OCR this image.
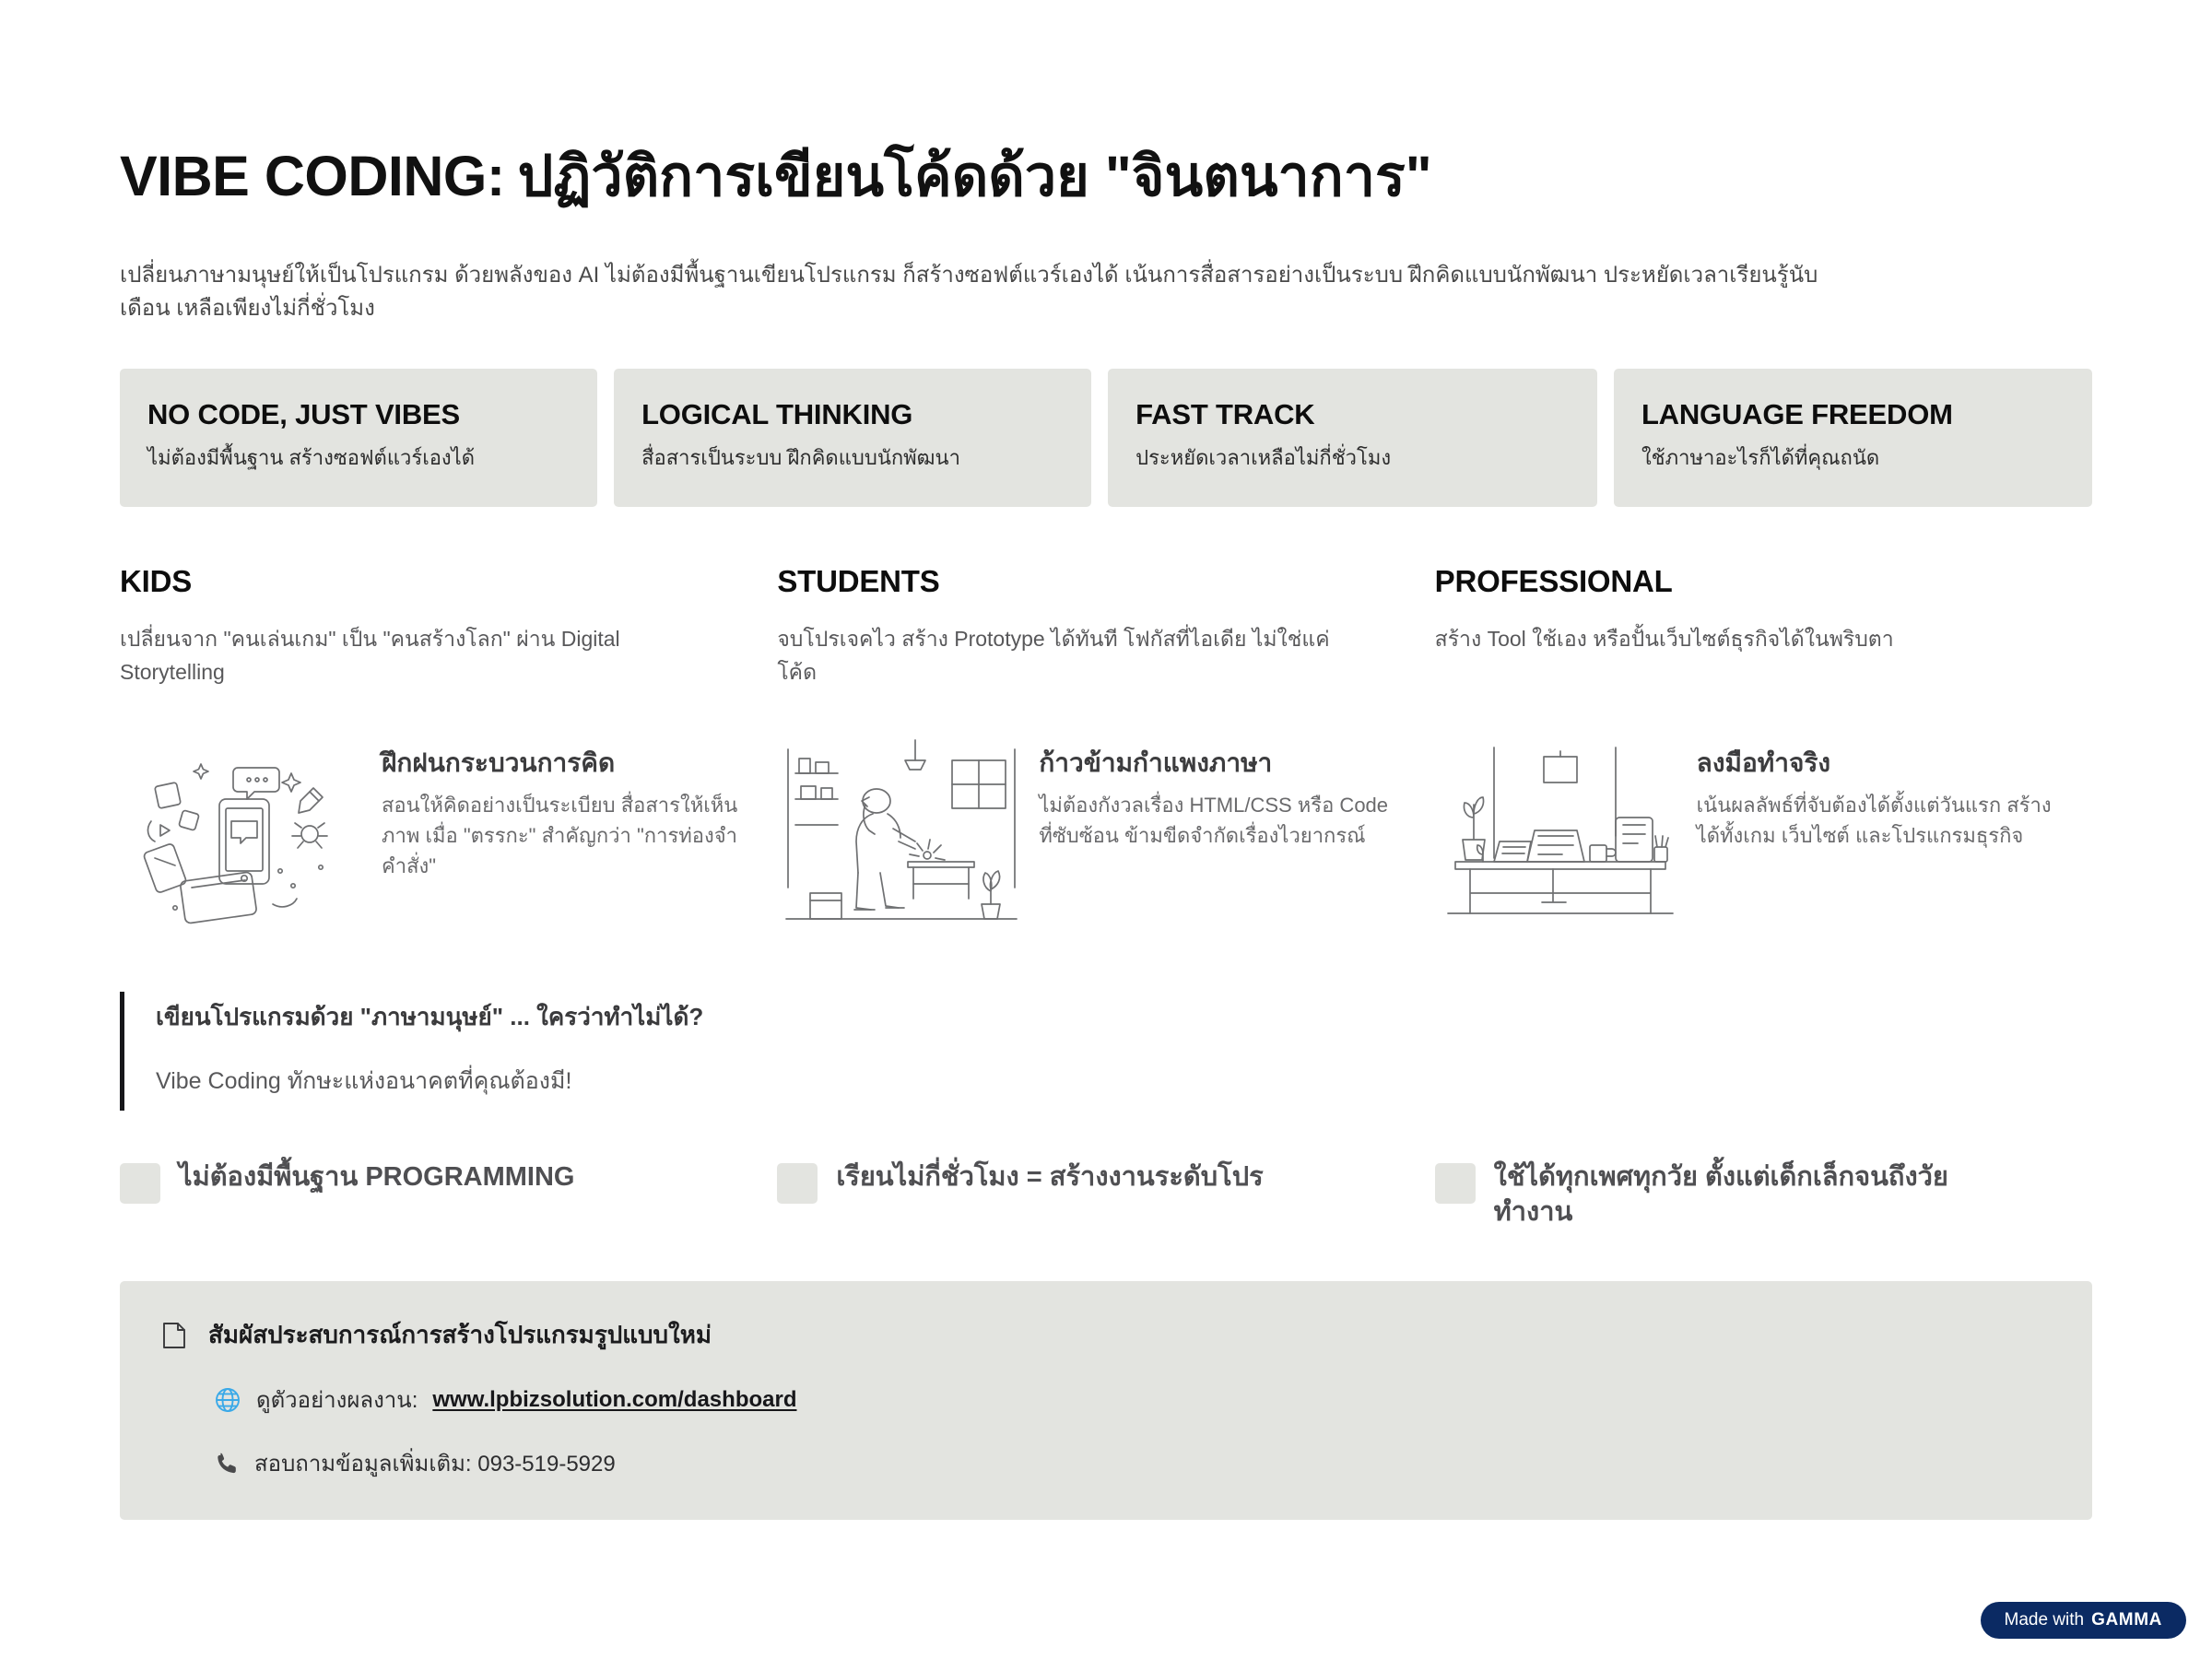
VIBE CODING: ปฏิวัติการเขียนโค้ดด้วย "จินตนาการ"
เปลี่ยนภาษามนุษย์ให้เป็นโปรแกรม ด้วยพลังของ AI ไม่ต้องมีพื้นฐานเขียนโปรแกรม ก็สร้างซอฟต์แวร์เองได้ เน้นการสื่อสารอย่างเป็นระบบ ฝึกคิดแบบนักพัฒนา ประหยัดเวลาเรียนรู้นับเดือน เหลือเพียงไม่กี่ชั่วโมง
NO CODE, JUST VIBES
ไม่ต้องมีพื้นฐาน สร้างซอฟต์แวร์เองได้
LOGICAL THINKING
สื่อสารเป็นระบบ ฝึกคิดแบบนักพัฒนา
FAST TRACK
ประหยัดเวลาเหลือไม่กี่ชั่วโมง
LANGUAGE FREEDOM
ใช้ภาษาอะไรก็ได้ที่คุณถนัด
KIDS
เปลี่ยนจาก "คนเล่นเกม" เป็น "คนสร้างโลก" ผ่าน Digital Storytelling
STUDENTS
จบโปรเจคไว สร้าง Prototype ได้ทันที โฟกัสที่ไอเดีย ไม่ใช่แค่โค้ด
PROFESSIONAL
สร้าง Tool ใช้เอง หรือปั้นเว็บไซต์ธุรกิจได้ในพริบตา
ฝึกฝนกระบวนการคิด
สอนให้คิดอย่างเป็นระเบียบ สื่อสารให้เห็นภาพ เมื่อ "ตรรกะ" สำคัญกว่า "การท่องจำคำสั่ง"
ก้าวข้ามกำแพงภาษา
ไม่ต้องกังวลเรื่อง HTML/CSS หรือ Code ที่ซับซ้อน ข้ามขีดจำกัดเรื่องไวยากรณ์
ลงมือทำจริง
เน้นผลลัพธ์ที่จับต้องได้ตั้งแต่วันแรก สร้างได้ทั้งเกม เว็บไซต์ และโปรแกรมธุรกิจ
เขียนโปรแกรมด้วย "ภาษามนุษย์" ... ใครว่าทำไม่ได้?
Vibe Coding ทักษะแห่งอนาคตที่คุณต้องมี!
ไม่ต้องมีพื้นฐาน PROGRAMMING	เรียนไม่กี่ชั่วโมง = สร้างงานระดับโปร	ใช้ได้ทุกเพศทุกวัย ตั้งแต่เด็กเล็กจนถึงวัยทำงาน
สัมผัสประสบการณ์การสร้างโปรแกรมรูปแบบใหม่
ดูตัวอย่างผลงาน: www.lpbizsolution.com/dashboard
สอบถามข้อมูลเพิ่มเติม: 093-519-5929
Made with GAMMA
